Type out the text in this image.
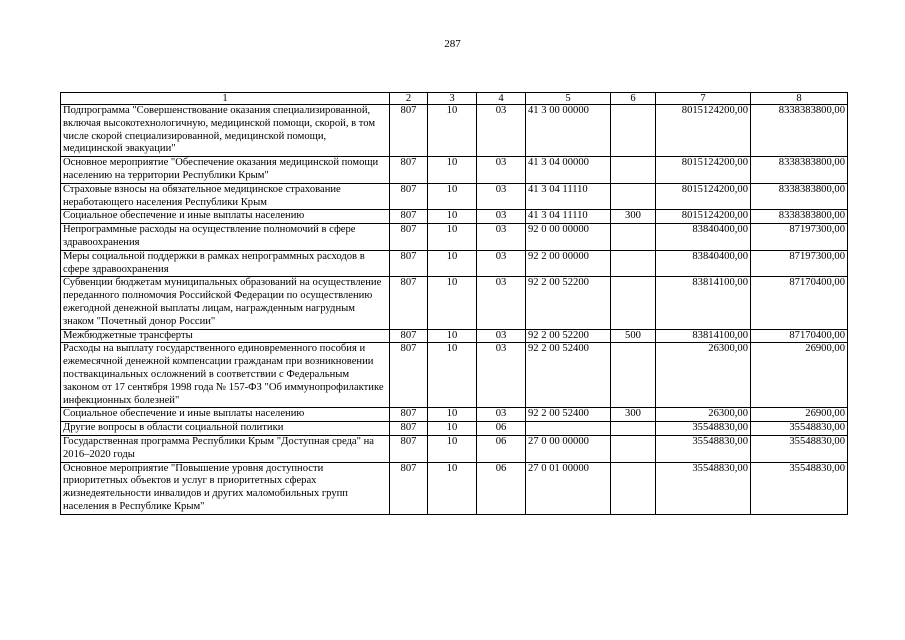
287
1	2	3	4	5	6	7	8
Подпрограмма "Совершенствование оказания специализированной, включая высокотехнологичную, медицинской помощи, скорой, в том числе скорой специализированной, медицинской помощи, медицинской эвакуации"	807	10	03	41 3 00 00000		8015124200,00	8338383800,00
Основное мероприятие "Обеспечение оказания медицинской помощи населению на территории Республики Крым"	807	10	03	41 3 04 00000		8015124200,00	8338383800,00
Страховые взносы на обязательное медицинское страхование неработающего населения Республики Крым	807	10	03	41 3 04 11110		8015124200,00	8338383800,00
Социальное обеспечение и иные выплаты населению	807	10	03	41 3 04 11110	300	8015124200,00	8338383800,00
Непрограммные расходы на осуществление полномочий в сфере здравоохранения	807	10	03	92 0 00 00000		83840400,00	87197300,00
Меры социальной поддержки в рамках непрограммных расходов в сфере здравоохранения	807	10	03	92 2 00 00000		83840400,00	87197300,00
Субвенции бюджетам муниципальных образований на осуществление переданного полномочия Российской Федерации по осуществлению ежегодной денежной выплаты лицам, награжденным нагрудным знаком "Почетный донор России"	807	10	03	92 2 00 52200		83814100,00	87170400,00
Межбюджетные трансферты	807	10	03	92 2 00 52200	500	83814100,00	87170400,00
Расходы на выплату государственного единовременного пособия и ежемесячной денежной компенсации гражданам при возникновении поствакцинальных осложнений в соответствии с Федеральным законом от 17 сентября 1998 года № 157-ФЗ "Об иммунопрофилактике инфекционных болезней"	807	10	03	92 2 00 52400		26300,00	26900,00
Социальное обеспечение и иные выплаты населению	807	10	03	92 2 00 52400	300	26300,00	26900,00
Другие вопросы в области социальной политики	807	10	06			35548830,00	35548830,00
Государственная программа Республики Крым "Доступная среда" на 2016–2020 годы	807	10	06	27 0 00 00000		35548830,00	35548830,00
Основное мероприятие "Повышение уровня доступности приоритетных объектов и услуг в приоритетных сферах жизнедеятельности инвалидов и других маломобильных групп населения в Республике Крым"	807	10	06	27 0 01 00000		35548830,00	35548830,00
